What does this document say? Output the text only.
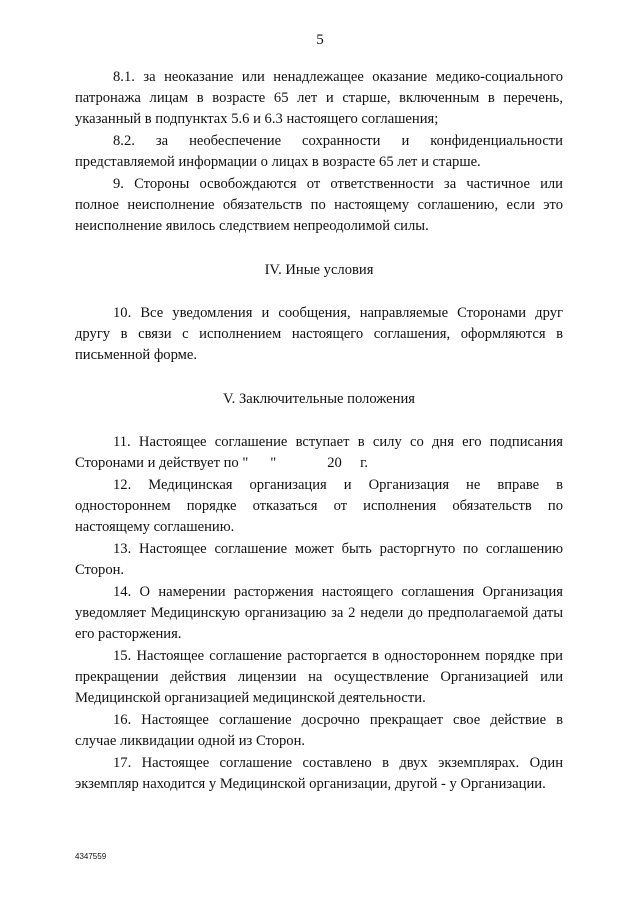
5

8.1. за неоказание или ненадлежащее оказание медико-социального патронажа лицам в возрасте 65 лет и старше, включенным в перечень, указанный в подпунктах 5.6 и 6.3 настоящего соглашения;

8.2. за необеспечение сохранности и конфиденциальности представляемой информации о лицах в возрасте 65 лет и старше.

9. Стороны освобождаются от ответственности за частичное или полное неисполнение обязательств по настоящему соглашению, если это неисполнение явилось следствием непреодолимой силы.

IV. Иные условия

10. Все уведомления и сообщения, направляемые Сторонами друг другу в связи с исполнением настоящего соглашения, оформляются в письменной форме.

V. Заключительные положения

11. Настоящее соглашение вступает в силу со дня его подписания Сторонами и действует по "      "              20     г.

12. Медицинская организация и Организация не вправе в одностороннем порядке отказаться от исполнения обязательств по настоящему соглашению.

13. Настоящее соглашение может быть расторгнуто по соглашению Сторон.

14. О намерении расторжения настоящего соглашения Организация уведомляет Медицинскую организацию за 2 недели до предполагаемой даты его расторжения.

15. Настоящее соглашение расторгается в одностороннем порядке при прекращении действия лицензии на осуществление Организацией или Медицинской организацией медицинской деятельности.

16. Настоящее соглашение досрочно прекращает свое действие в случае ликвидации одной из Сторон.

17. Настоящее соглашение составлено в двух экземплярах. Один экземпляр находится у Медицинской организации, другой - у Организации.

4347559
